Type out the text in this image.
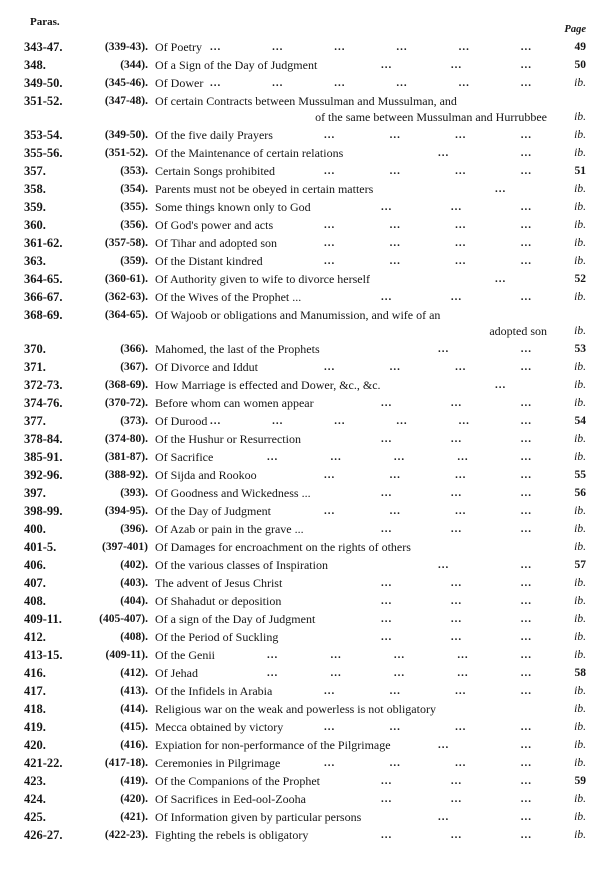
Paras.
Page
343-47.	(339-43). Of Poetry ...	...	...	...	...	...	49
348.	(344). Of a Sign of the Day of Judgment	...	...	...	50
349-50.	(345-46). Of Dower ...	...	...	...	...	...	ib.
351-52.	(347-48). Of certain Contracts between Mussulman and Mussulman, and
of the same between Mussulman and Hurrubbee	ib.
353-54.	(349-50). Of the five daily Prayers	...	...	...	...	ib.
355-56.	(351-52). Of the Maintenance of certain relations	...	...	ib.
357.	(353). Certain Songs prohibited	...	...	...	...	51
358.	(354). Parents must not be obeyed in certain matters	...	ib.
359.	(355). Some things known only to God	...	...	...	ib.
360.	(356). Of God's power and acts	...	...	...	...	ib.
361-62.	(357-58). Of Tihar and adopted son	...	...	...	...	ib.
363.	(359). Of the Distant kindred	...	...	...	...	ib.
364-65.	(360-61). Of Authority given to wife to divorce herself	...	52
366-67.	(362-63). Of the Wives of the Prophet ...	...	...	...	ib.
368-69.	(364-65). Of Wajoob or obligations and Manumission, and wife of an
adopted son	ib.
370.	(366). Mahomed, the last of the Prophets	...	...	53
371.	(367). Of Divorce and Iddut	...	...	...	...	ib.
372-73.	(368-69). How Marriage is effected and Dower, &c., &c.	...	ib.
374-76.	(370-72). Before whom can women appear	...	...	...	ib.
377.	(373). Of Durood ...	...	...	...	...	...	54
378-84.	(374-80). Of the Hushur or Resurrection	...	...	...	ib.
385-91.	(381-87). Of Sacrifice	...	...	...	...	...	ib.
392-96.	(388-92). Of Sijda and Rookoo	...	...	...	...	55
397.	(393). Of Goodness and Wickedness ...	...	...	...	56
398-99.	(394-95). Of the Day of Judgment	...	...	...	...	ib.
400.	(396). Of Azab or pain in the grave ...	...	...	...	ib.
401-5.	(397-401) Of Damages for encroachment on the rights of others	ib.
406.	(402). Of the various classes of Inspiration	...	...	57
407.	(403). The advent of Jesus Christ	...	...	...	ib.
408.	(404). Of Shahadut or deposition	...	...	...	ib.
409-11.	(405-407). Of a sign of the Day of Judgment	...	...	...	ib.
412.	(408). Of the Period of Suckling	...	...	...	ib.
413-15.	(409-11). Of the Genii	...	...	...	...	...	ib.
416.	(412). Of Jehad	...	...	...	...	...	58
417.	(413). Of the Infidels in Arabia	...	...	...	...	ib.
418.	(414). Religious war on the weak and powerless is not obligatory	ib.
419.	(415). Mecca obtained by victory	...	...	...	...	ib.
420.	(416). Expiation for non-performance of the Pilgrimage	...	...	ib.
421-22.	(417-18). Ceremonies in Pilgrimage	...	...	...	...	ib.
423.	(419). Of the Companions of the Prophet	...	...	...	59
424.	(420). Of Sacrifices in Eed-ool-Zooha	...	...	...	ib.
425.	(421). Of Information given by particular persons	...	...	ib.
426-27.	(422-23). Fighting the rebels is obligatory	...	...	...	ib.
